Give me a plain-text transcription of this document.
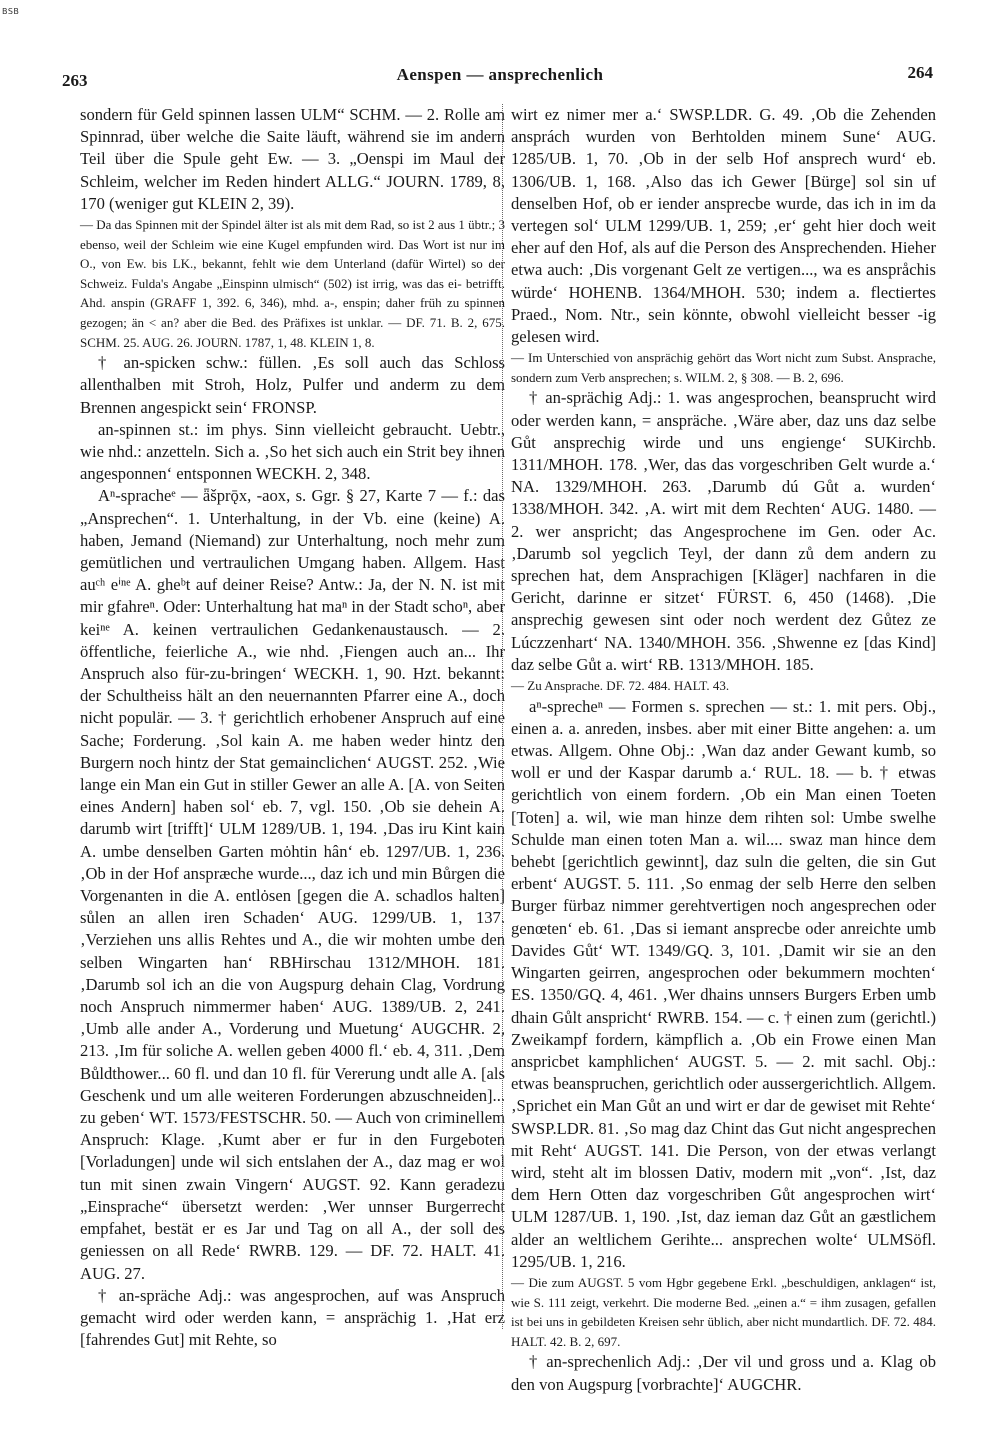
BSB
263	Aenspen — ansprechenlich	264

sondern für Geld spinnen lassen ULM“ SCHM. — 2. Rolle am Spinnrad, über welche die Saite läuft, während sie im andern Teil über die Spule geht Ew. — 3. „Oenspi im Maul der Schleim, welcher im Reden hindert ALLG.“ JOURN. 1789, 8, 170 (weniger gut KLEIN 2, 39).

— Da das Spinnen mit der Spindel älter ist als mit dem Rad, so ist 2 aus 1 übtr.; 3 ebenso, weil der Schleim wie eine Kugel empfunden wird. Das Wort ist nur im O., von Ew. bis LK., bekannt, fehlt wie dem Unterland (dafür Wirtel) so der Schweiz. Fulda's Angabe „Einspinn ulmisch“ (502) ist irrig, was das ei- betrifft. Ahd. anspin (GRAFF 1, 392. 6, 346), mhd. a-, enspin; daher früh zu spinnen gezogen; än < an? aber die Bed. des Präfixes ist unklar. — DF. 71. B. 2, 675. SCHM. 25. AUG. 26. JOURN. 1787, 1, 48. KLEIN 1, 8.

† an-spicken schw.: füllen. ‚Es soll auch das Schloss allenthalben mit Stroh, Holz, Pulfer und anderm zu dem Brennen angespickt sein‘ FRONSP.

an-spinnen st.: im phys. Sinn vielleicht gebraucht. Uebtr., wie nhd.: anzetteln. Sich a. ‚So het sich auch ein Strit bey ihnen angesponnen‘ entsponnen WECKH. 2, 348.

Aⁿ-spracheᵉ — ǟšprǭx, -aox, s. Ggr. § 27, Karte 7 — f.: das „Ansprechen“. 1. Unterhaltung, in der Vb. eine (keine) A. haben, Jemand (Niemand) zur Unterhaltung, noch mehr zum gemütlichen und vertraulichen Umgang haben. Allgem. Hast auᶜʰ eⁱⁿᵉ A. gheᵇt auf deiner Reise? Antw.: Ja, der N. N. ist mit mir gfahreⁿ. Oder: Unterhaltung hat maⁿ in der Stadt schoⁿ, aber keiⁿᵉ A. keinen vertraulichen Gedankenaustausch. — 2. öffentliche, feierliche A., wie nhd. ‚Fiengen auch an... Ihr Anspruch also für-zu-bringen‘ WECKH. 1, 90. Hzt. bekannt: der Schultheiss hält an den neuernannten Pfarrer eine A., doch nicht populär. — 3. † gerichtlich erhobener Anspruch auf eine Sache; Forderung. ‚Sol kain A. me haben weder hintz den Burgern noch hintz der Stat gemainclichen‘ AUGST. 252. ‚Wie lange ein Man ein Gut in stiller Gewer an alle A. [A. von Seiten eines Andern] haben sol‘ eb. 7, vgl. 150. ‚Ob sie dehein A. darumb wirt [trifft]‘ ULM 1289/UB. 1, 194. ‚Das iru Kint kain A. umbe denselben Garten mȯhtin hân‘ eb. 1297/UB. 1, 236. ‚Ob in der Hof anspræche wurde..., daz ich und min Bůrgen die Vorgenanten in die A. entlȯsen [gegen die A. schadlos halten] sůlen an allen iren Schaden‘ AUG. 1299/UB. 1, 137. ‚Verziehen uns allis Rehtes und A., die wir mohten umbe den selben Wingarten han‘ RBHirschau 1312/MHOH. 181. ‚Darumb sol ich an die von Augspurg dehain Clag, Vordrung noch Anspruch nimmermer haben‘ AUG. 1389/UB. 2, 241. ‚Umb alle ander A., Vorderung und Muetung‘ AUGCHR. 2, 213. ‚Im für soliche A. wellen geben 4000 fl.‘ eb. 4, 311. ‚Dem Bůldthower... 60 fl. und dan 10 fl. für Vererung undt alle A. [als Geschenk und um alle weiteren Forderungen abzuschneiden]... zu geben‘ WT. 1573/FESTSCHR. 50. — Auch von criminellem Anspruch: Klage. ‚Kumt aber er fur in den Furgeboten [Vorladungen] unde wil sich entslahen der A., daz mag er wol tun mit sinen zwain Vingern‘ AUGST. 92. Kann geradezu „Einsprache“ übersetzt werden: ‚Wer unnser Burgerrecht empfahet, bestät er es Jar und Tag on all A., der soll des geniessen on all Rede‘ RWRB. 129. — DF. 72. HALT. 41. AUG. 27.

† an-spräche Adj.: was angesprochen, auf was Anspruch gemacht wird oder werden kann, = ansprächig 1. ‚Hat erz [fahrendes Gut] mit Rehte, so

wirt ez nimer mer a.‘ SWSP.LDR. G. 49. ‚Ob die Zehenden ansprách wurden von Berhtolden minem Sune‘ AUG. 1285/UB. 1, 70. ‚Ob in der selb Hof ansprech wurd‘ eb. 1306/UB. 1, 168. ‚Also das ich Gewer [Bürge] sol sin uf denselben Hof, ob er iender ansprecbe wurde, das ich in im da vertegen sol‘ ULM 1299/UB. 1, 259; ‚er‘ geht hier doch weit eher auf den Hof, als auf die Person des Ansprechenden. Hieher etwa auch: ‚Dis vorgenant Gelt ze vertigen..., wa es anspråchis würde‘ HOHENB. 1364/MHOH. 530; indem a. flectiertes Praed., Nom. Ntr., sein könnte, obwohl vielleicht besser -ig gelesen wird.

— Im Unterschied von ansprächig gehört das Wort nicht zum Subst. Ansprache, sondern zum Verb ansprechen; s. WILM. 2, § 308. — B. 2, 696.

† an-sprächig Adj.: 1. was angesprochen, beansprucht wird oder werden kann, = ansprächе. ‚Wäre aber, daz uns daz selbe Gůt ansprechig wirde und uns engienge‘ SUKirchb. 1311/MHOH. 178. ‚Wer, das das vorgeschriben Gelt wurde a.‘ NA. 1329/MHOH. 263. ‚Darumb dú Gůt a. wurden‘ 1338/MHOH. 342. ‚A. wirt mit dem Rechten‘ AUG. 1480. — 2. wer anspricht; das Angesprochene im Gen. oder Ac. ‚Darumb sol yegclich Teyl, der dann zů dem andern zu sprechen hat, dem Ansprachigen [Kläger] nachfaren in die Gericht, darinne er sitzet‘ FÜRST. 6, 450 (1468). ‚Die ansprechig gewesen sint oder noch werdent dez Gůtez ze Lúczzenhart‘ NA. 1340/MHOH. 356. ‚Shwenne ez [das Kind] daz selbe Gůt a. wirt‘ RB. 1313/MHOH. 185.

— Zu Ansprache. DF. 72. 484. HALT. 43.

aⁿ-sprecheⁿ — Formen s. sprechen — st.: 1. mit pers. Obj., einen a. a. anreden, insbes. aber mit einer Bitte angehen: a. um etwas. Allgem. Ohne Obj.: ‚Wan daz ander Gewant kumb, so woll er und der Kaspar darumb a.‘ RUL. 18. — b. † etwas gerichtlich von einem fordern. ‚Ob ein Man einen Toeten [Toten] a. wil, wie man hinze dem rihten sol: Umbe swelhe Schulde man einen toten Man a. wil.... swaz man hince dem behebt [gerichtlich gewinnt], daz suln die gelten, die sin Gut erbent‘ AUGST. 5. 111. ‚So enmag der selb Herre den selben Burger fürbaz nimmer gerehtvertigen noch angesprechen oder genœten‘ eb. 61. ‚Das si iemant ansprecbe oder anreichte umb Davides Gůt‘ WT. 1349/GQ. 3, 101. ‚Damit wir sie an den Wingarten geirren, angesprochen oder bekummern mochten‘ ES. 1350/GQ. 4, 461. ‚Wer dhains unnsers Burgers Erben umb dhain Gůlt anspricht‘ RWRB. 154. — c. † einen zum (gerichtl.) Zweikampf fordern, kämpflich a. ‚Ob ein Frowe einen Man anspricbet kamphlichen‘ AUGST. 5. — 2. mit sachl. Obj.: etwas beanspruchen, gerichtlich oder aussergerichtlich. Allgem. ‚Sprichet ein Man Gůt an und wirt er dar de gewiset mit Rehte‘ SWSP.LDR. 81. ‚So mag daz Chint das Gut nicht angesprechen mit Reht‘ AUGST. 141. Die Person, von der etwas verlangt wird, steht alt im blossen Dativ, modern mit „von“. ‚Ist, daz dem Hern Otten daz vorgeschriben Gůt angesprochen wirt‘ ULM 1287/UB. 1, 190. ‚Ist, daz ieman daz Gůt an gæstlichem alder an weltlichem Gerihte... ansprechen wolte‘ ULMSöfl. 1295/UB. 1, 216.

— Die zum AUGST. 5 vom Hgbr gegebene Erkl. „beschuldigen, anklagen“ ist, wie S. 111 zeigt, verkehrt. Die moderne Bed. „einen a.“ = ihm zusagen, gefallen ist bei uns in gebildeten Kreisen sehr üblich, aber nicht mundartlich. DF. 72. 484. HALT. 42. B. 2, 697.

† an-sprechenlich Adj.: ‚Der vil und gross und a. Klag ob den von Augspurg [vorbrachte]‘ AUGCHR.
